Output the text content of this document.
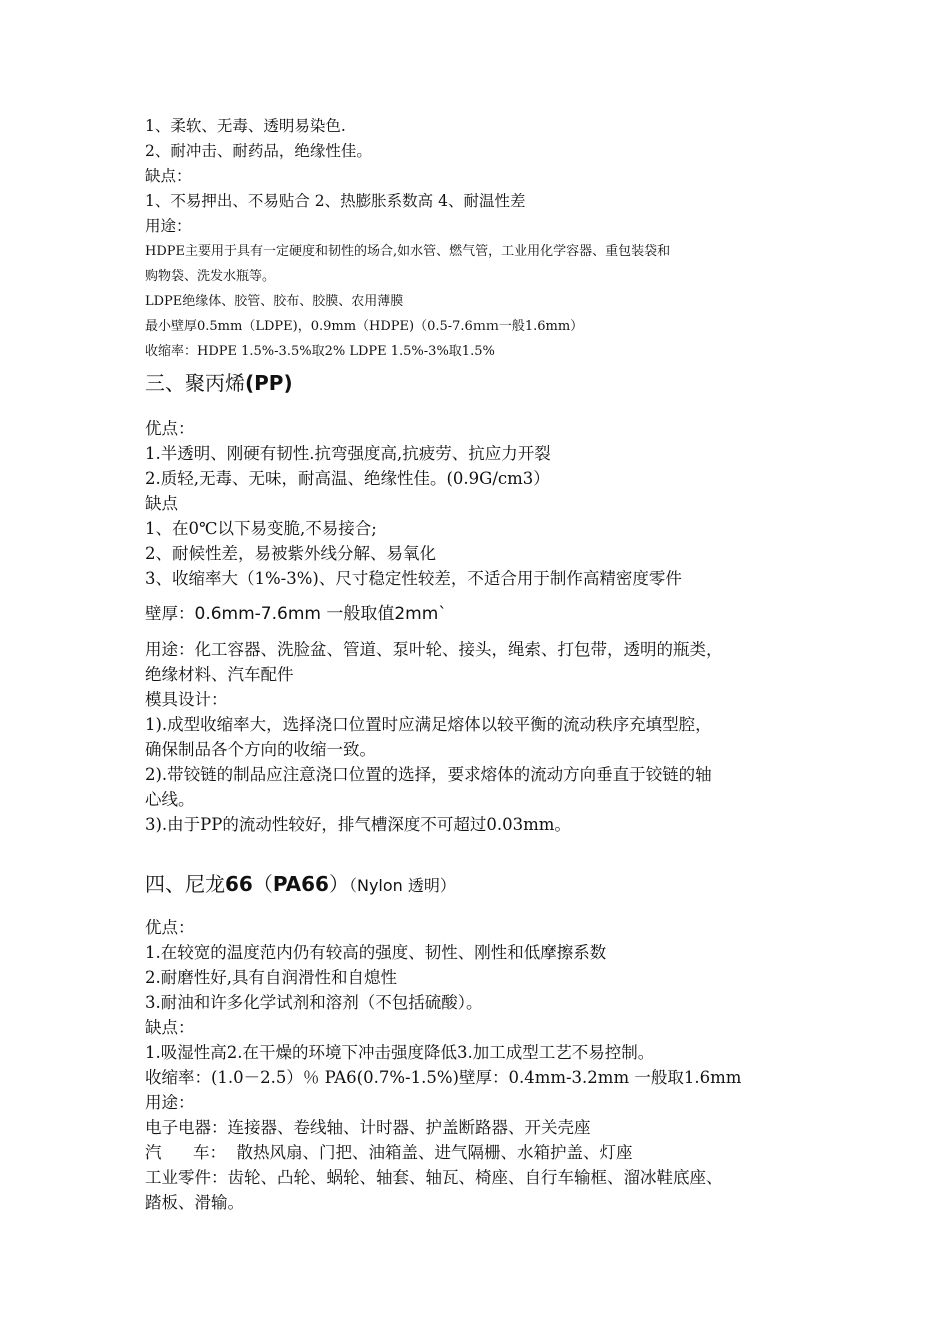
1、柔软、无毒、透明易染色.
2、耐冲击、耐药品，绝缘性佳。
缺点：
1、不易押出、不易贴合 2、热膨胀系数高 4、耐温性差
用途：
HDPE主要用于具有一定硬度和韧性的场合,如水管、燃气管，工业用化学容器、重包装袋和
购物袋、洗发水瓶等。
LDPE绝缘体、胶管、胶布、胶膜、农用薄膜
最小壁厚0.5mm（LDPE)，0.9mm（HDPE)（0.5-7.6ｍｍ一般1.6mm）
收缩率：HDPE 1.5%-3.5%取2% LDPE 1.5%-3%取1.5%
三、聚丙烯(PP)
优点：
1.半透明、刚硬有韧性.抗弯强度高,抗疲劳、抗应力开裂
2.质轻,无毒、无味，耐高温、绝缘性佳。(0.9G/cm3）
缺点
1、在0℃以下易变脆,不易接合;
2、耐候性差，易被紫外线分解、易氧化
3、收缩率大（1%-3%)、尺寸稳定性较差，不适合用于制作高精密度零件
壁厚：0.6mm-7.6mm 一般取值2mm`
用途：化工容器、洗脸盆、管道、泵叶轮、接头，绳索、打包带，透明的瓶类，
绝缘材料、汽车配件
模具设计：
1).成型收缩率大，选择浇口位置时应满足熔体以较平衡的流动秩序充填型腔，
确保制品各个方向的收缩一致。
2).带铰链的制品应注意浇口位置的选择，要求熔体的流动方向垂直于铰链的轴
心线。
3).由于PP的流动性较好，排气槽深度不可超过0.03mm。
四、尼龙66（PA66）（Nylon 透明）
优点：
1.在较宽的温度范内仍有较高的强度、韧性、刚性和低摩擦系数
2.耐磨性好,具有自润滑性和自熄性
3.耐油和许多化学试剂和溶剂（不包括硫酸）。
缺点：
1.吸湿性高2.在干燥的环境下冲击强度降低3.加工成型工艺不易控制。
收缩率：(1.0－2.5）％ PA6(0.7%-1.5%)壁厚：0.4mm-3.2mm 一般取1.6mm
用途：
电子电器：连接器、卷线轴、计时器、护盖断路器、开关壳座
汽      车：  散热风扇、门把、油箱盖、进气隔栅、水箱护盖、灯座
工业零件：齿轮、凸轮、蜗轮、轴套、轴瓦、椅座、自行车输框、溜冰鞋底座、
踏板、滑输。
